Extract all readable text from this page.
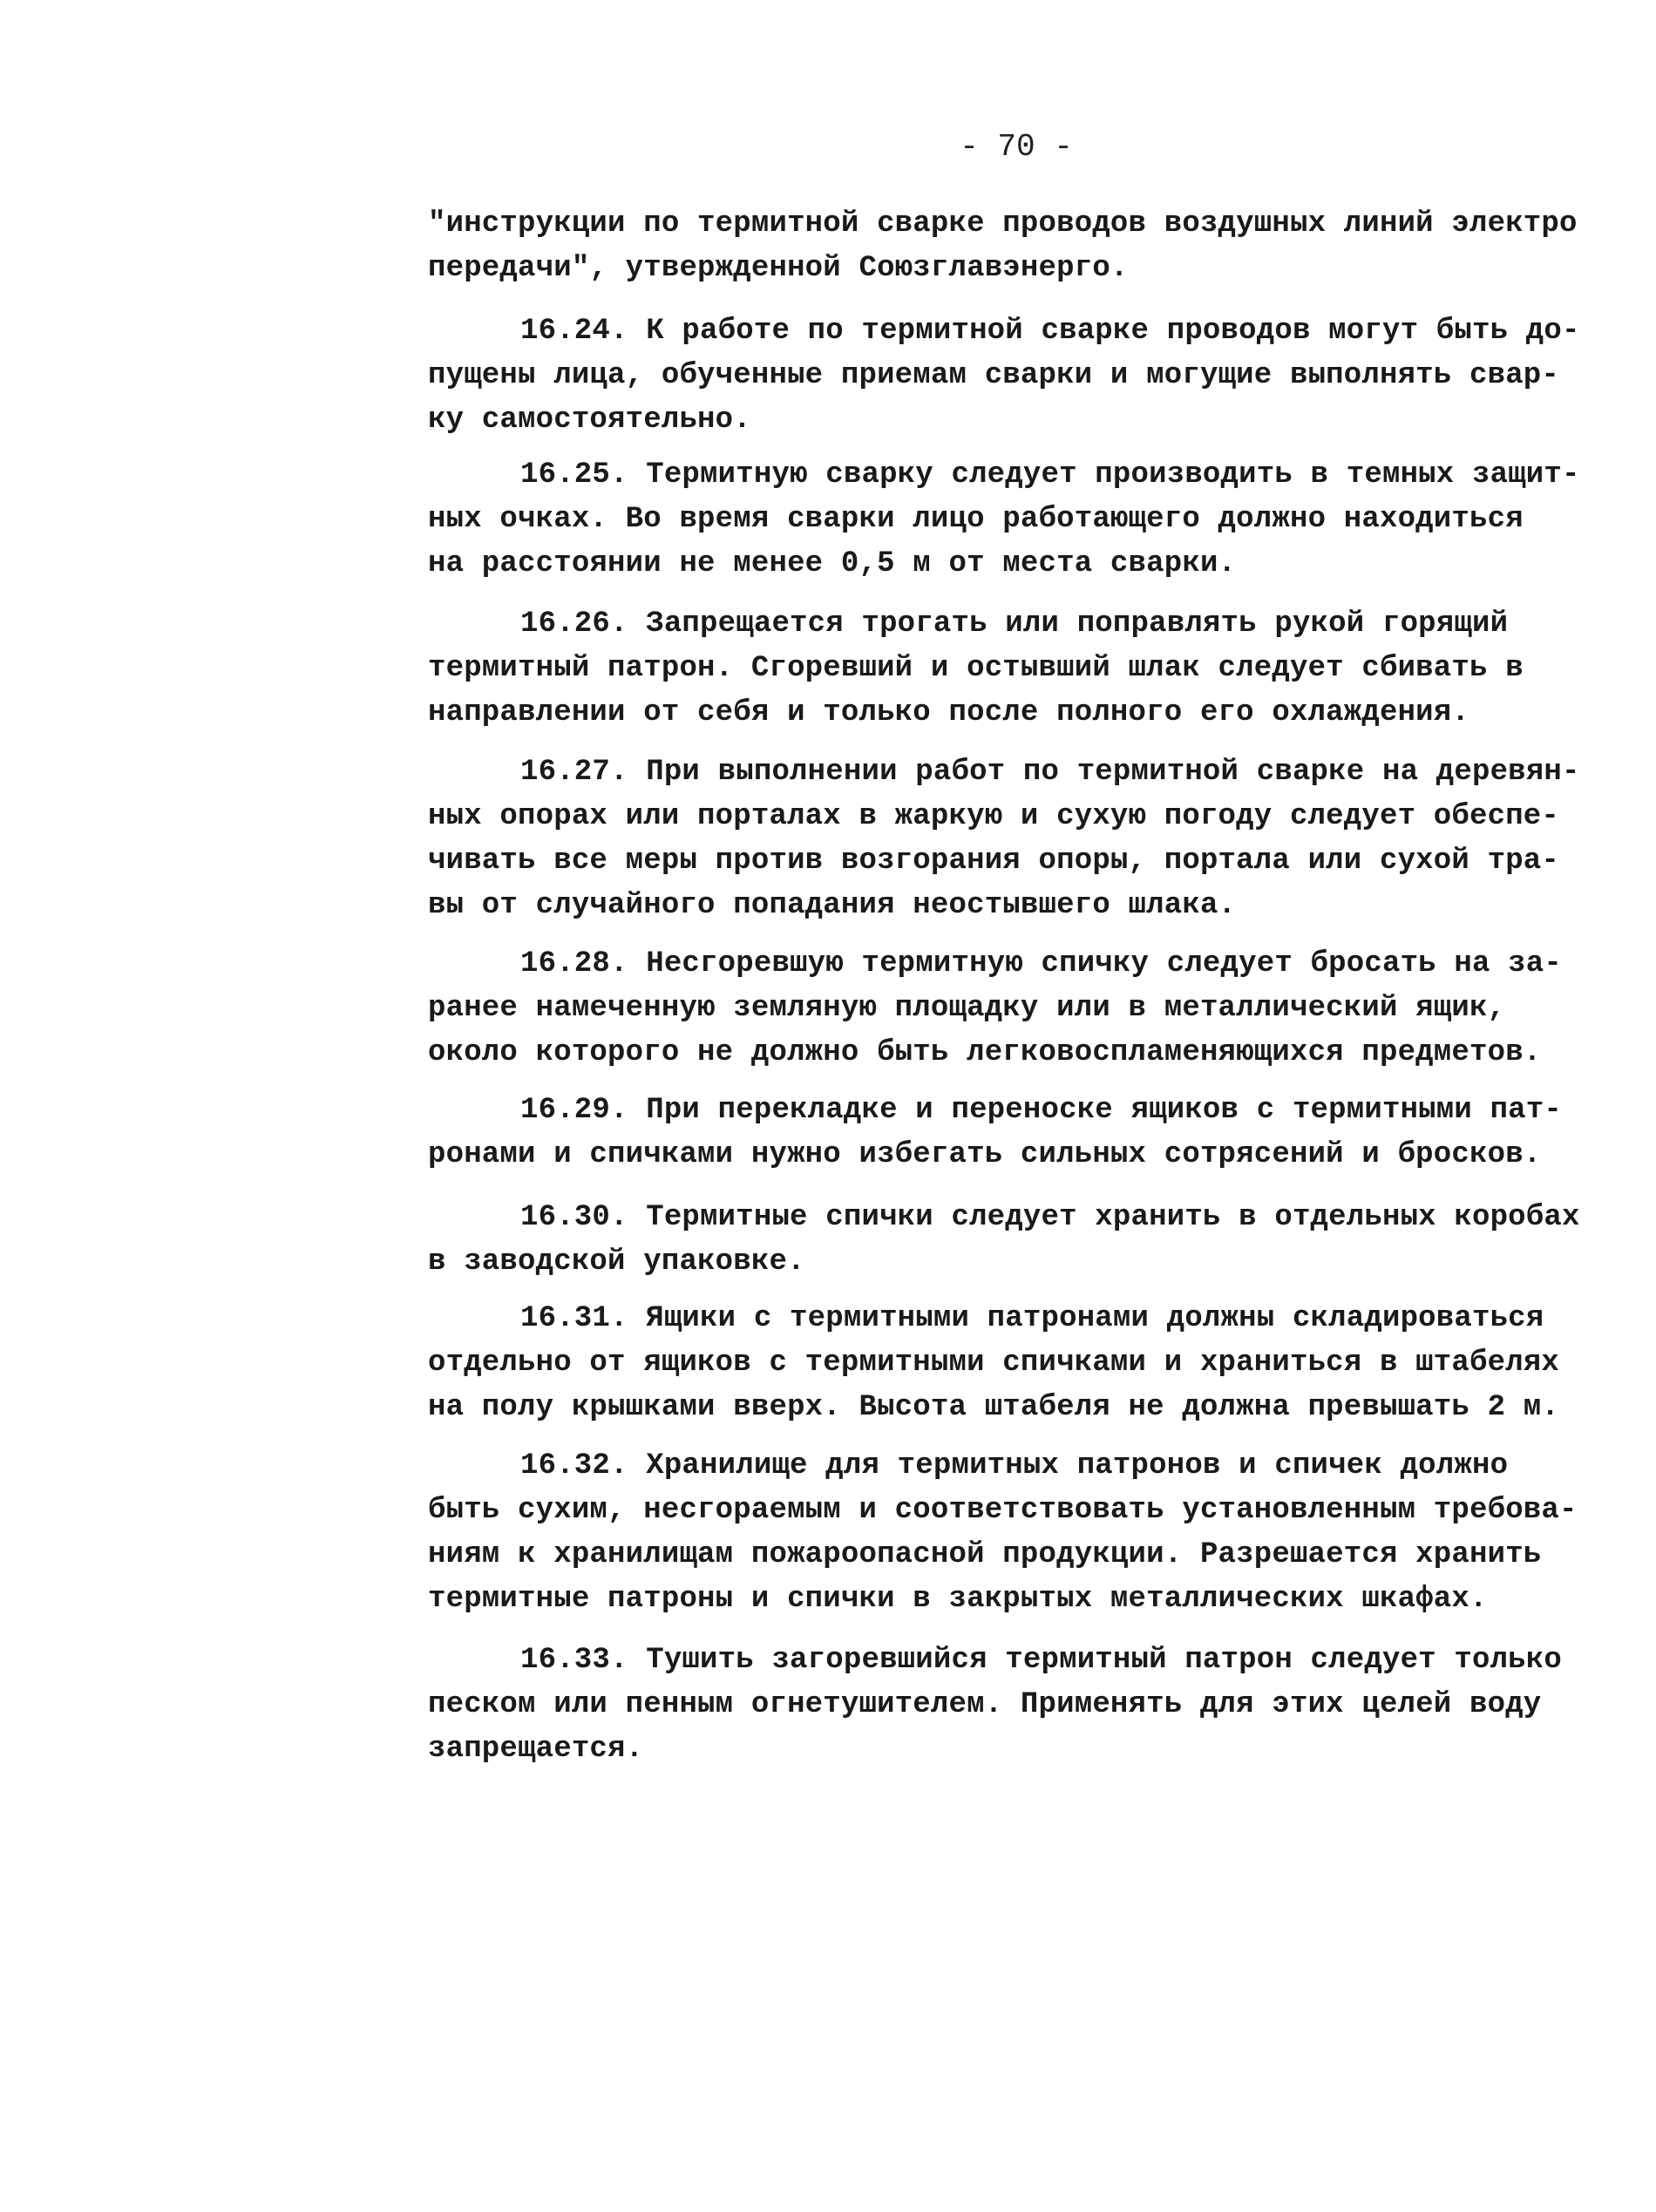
- 70 -
"инструкции по термитной сварке проводов воздушных линий электро
передачи", утвержденной Союзглавэнерго.
16.24. К работе по термитной сварке проводов могут быть до-
пущены лица, обученные приемам сварки и могущие выполнять свар-
ку самостоятельно.
16.25. Термитную сварку следует производить в темных защит-
ных очках. Во время сварки лицо работающего должно находиться
на расстоянии не менее 0,5 м от места сварки.
16.26. Запрещается трогать или поправлять рукой горящий
термитный патрон. Сгоревший и остывший шлак следует сбивать в
направлении от себя и только после полного его охлаждения.
16.27. При выполнении работ по термитной сварке на деревян-
ных опорах или порталах в жаркую и сухую погоду следует обеспе-
чивать все меры против возгорания опоры, портала или сухой тра-
вы от случайного попадания неостывшего шлака.
16.28. Несгоревшую термитную спичку следует бросать на за-
ранее намеченную земляную площадку или в металлический ящик,
около которого не должно быть легковоспламеняющихся предметов.
16.29. При перекладке и переноске ящиков с термитными пат-
ронами и спичками нужно избегать сильных сотрясений и бросков.
16.30. Термитные спички следует хранить в отдельных коробах
в заводской упаковке.
16.31. Ящики с термитными патронами должны складироваться
отдельно от ящиков с термитными спичками и храниться в штабелях
на полу крышками вверх. Высота штабеля не должна превышать 2 м.
16.32. Хранилище для термитных патронов и спичек должно
быть сухим, несгораемым и соответствовать установленным требова-
ниям к хранилищам пожароопасной продукции. Разрешается хранить
термитные патроны и спички в закрытых металлических шкафах.
16.33. Тушить загоревшийся термитный патрон следует только
песком или пенным огнетушителем. Применять для этих целей воду
запрещается.
